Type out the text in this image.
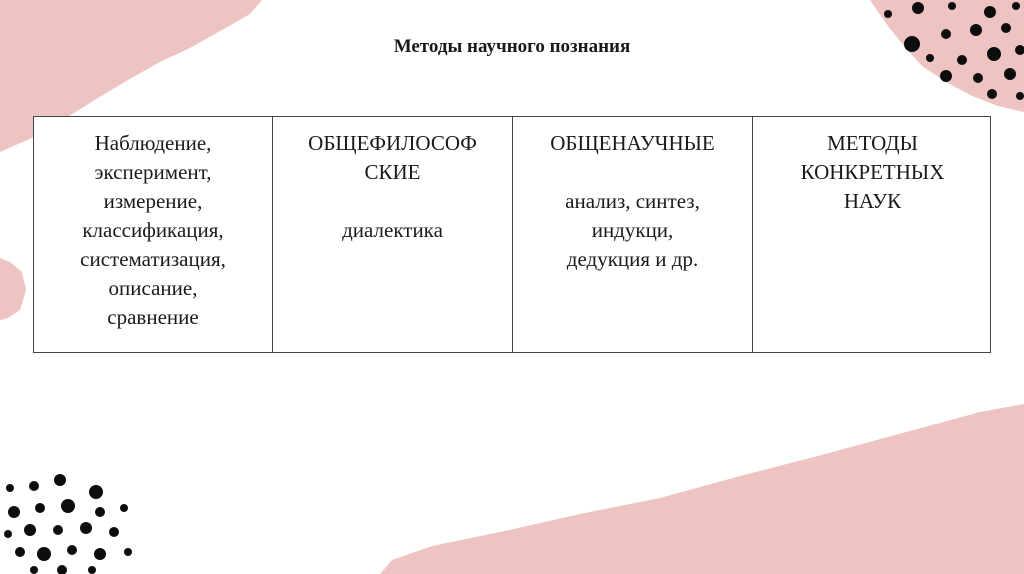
Методы научного познания
Наблюдение,
эксперимент,
измерение,
классификация,
систематизация,
описание,
сравнение
ОБЩЕФИЛОСОФ
СКИЕ
диалектика
ОБЩЕНАУЧНЫЕ
анализ, синтез,
индукци,
дедукция и др.
МЕТОДЫ
КОНКРЕТНЫХ
НАУК
